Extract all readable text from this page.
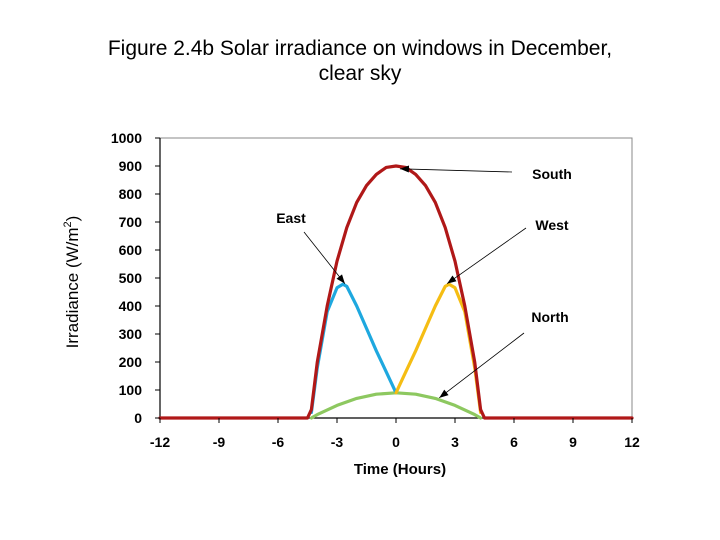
Figure 2.4b Solar irradiance on windows in December,
clear sky
South
East	West
North
0
100
200
300
400
500
600
700
800
900
1000
-12	-9	-6	-3	0	3	6	9	12
Time (Hours)
Irradiance $(W/m^2)$
